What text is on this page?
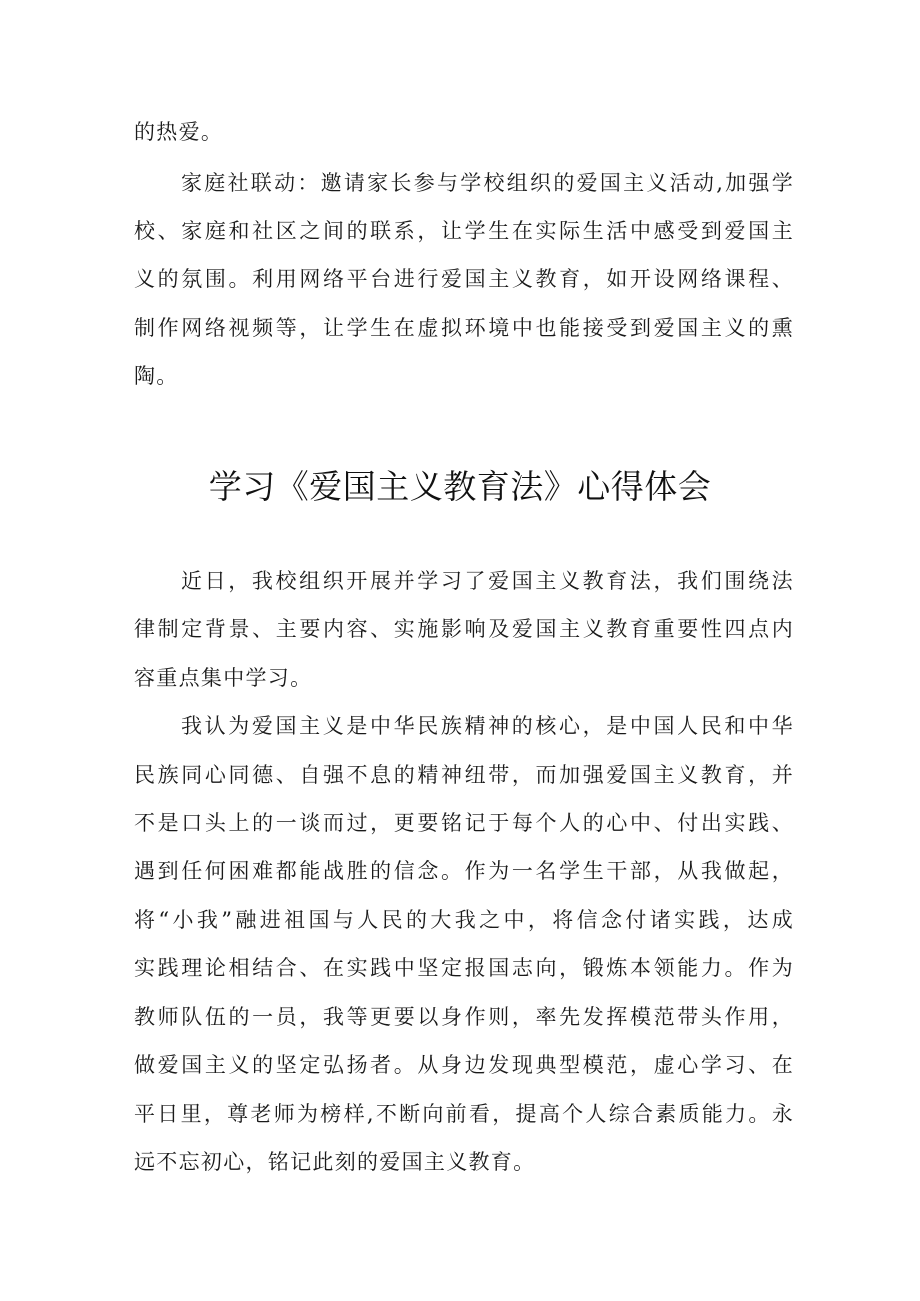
的热爱。
家庭社联动：邀请家长参与学校组织的爱国主义活动,加强学
校、家庭和社区之间的联系，让学生在实际生活中感受到爱国主
义的氛围。利用网络平台进行爱国主义教育，如开设网络课程、
制作网络视频等，让学生在虚拟环境中也能接受到爱国主义的熏
陶。
学习《爱国主义教育法》心得体会
近日，我校组织开展并学习了爱国主义教育法，我们围绕法
律制定背景、主要内容、实施影响及爱国主义教育重要性四点内
容重点集中学习。
我认为爱国主义是中华民族精神的核心，是中国人民和中华
民族同心同德、自强不息的精神纽带，而加强爱国主义教育，并
不是口头上的一谈而过，更要铭记于每个人的心中、付出实践、
遇到任何困难都能战胜的信念。作为一名学生干部，从我做起，
将“小我”融进祖国与人民的大我之中，将信念付诸实践，达成
实践理论相结合、在实践中坚定报国志向，锻炼本领能力。作为
教师队伍的一员，我等更要以身作则，率先发挥模范带头作用，
做爱国主义的坚定弘扬者。从身边发现典型模范，虚心学习、在
平日里，尊老师为榜样,不断向前看，提高个人综合素质能力。永
远不忘初心，铭记此刻的爱国主义教育。
